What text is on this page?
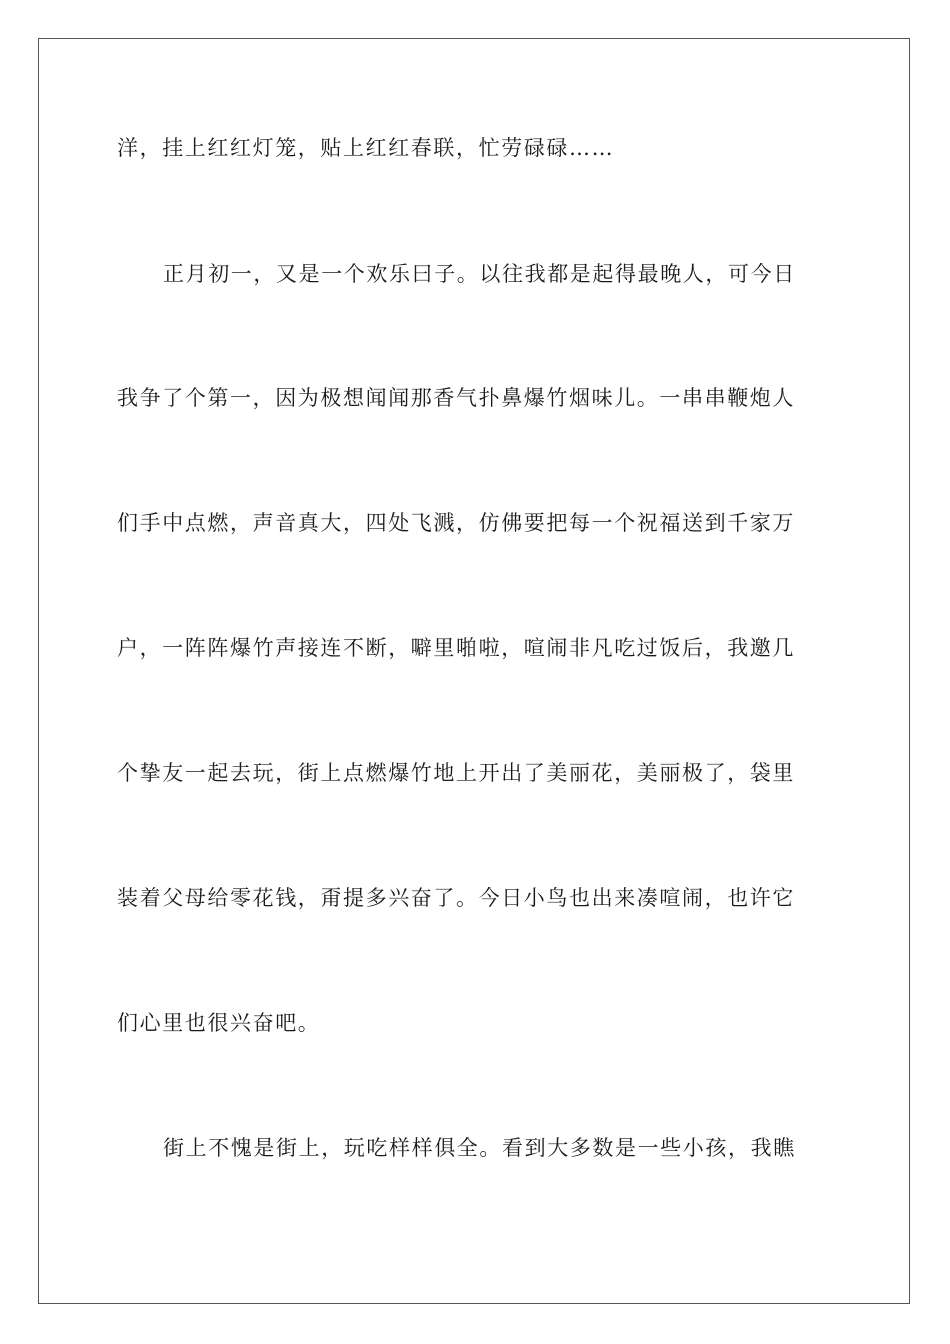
洋，挂上红红灯笼，贴上红红春联，忙劳碌碌……
正月初一，又是一个欢乐曰子。以往我都是起得最晚人，可今日
我争了个第一，因为极想闻闻那香气扑鼻爆竹烟味儿。一串串鞭炮人
们手中点燃，声音真大，四处飞溅，仿佛要把每一个祝福送到千家万
户，一阵阵爆竹声接连不断，噼里啪啦，喧闹非凡吃过饭后，我邀几
个挚友一起去玩，街上点燃爆竹地上开出了美丽花，美丽极了，袋里
装着父母给零花钱，甭提多兴奋了。今日小鸟也出来凑喧闹，也许它
们心里也很兴奋吧。
街上不愧是街上，玩吃样样俱全。看到大多数是一些小孩，我瞧
